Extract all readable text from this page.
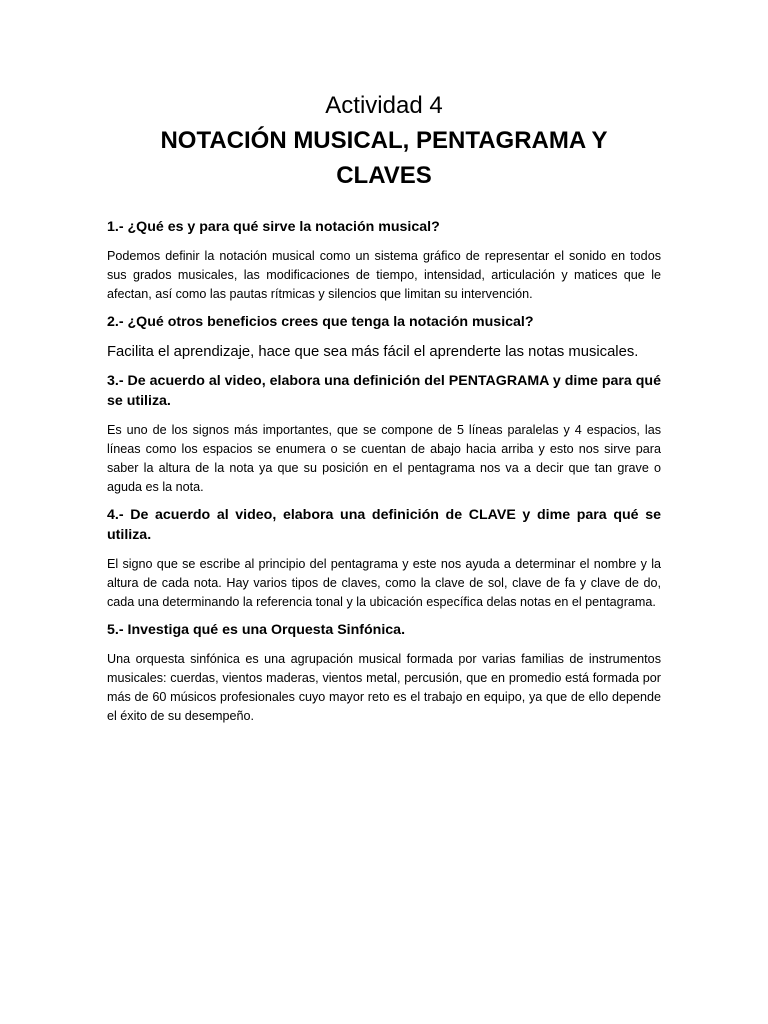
Actividad 4
NOTACIÓN MUSICAL, PENTAGRAMA Y CLAVES

1.- ¿Qué es y para qué sirve la notación musical?

Podemos definir la notación musical como un sistema gráfico de representar el sonido en todos sus grados musicales, las modificaciones de tiempo, intensidad, articulación y matices que le afectan, así como las pautas rítmicas y silencios que limitan su intervención.

2.- ¿Qué otros beneficios crees que tenga la notación musical?

Facilita el aprendizaje, hace que sea más fácil el aprenderte las notas musicales.

3.- De acuerdo al video, elabora una definición del PENTAGRAMA y dime para qué se utiliza.

Es uno de los signos más importantes, que se compone de 5 líneas paralelas y 4 espacios, las líneas como los espacios se enumera o se cuentan de abajo hacia arriba y esto nos sirve para saber la altura de la nota ya que su posición en el pentagrama nos va a decir que tan grave o aguda es la nota.

4.- De acuerdo al video, elabora una definición de CLAVE y dime para qué se utiliza.

El signo que se escribe al principio del pentagrama y este nos ayuda a determinar el nombre y la altura de cada nota. Hay varios tipos de claves, como la clave de sol, clave de fa y clave de do, cada una determinando la referencia tonal y la ubicación específica delas notas en el pentagrama.

5.- Investiga qué es una Orquesta Sinfónica.

Una orquesta sinfónica es una agrupación musical formada por varias familias de instrumentos musicales: cuerdas, vientos maderas, vientos metal, percusión, que en promedio está formada por más de 60 músicos profesionales cuyo mayor reto es el trabajo en equipo, ya que de ello depende el éxito de su desempeño.
